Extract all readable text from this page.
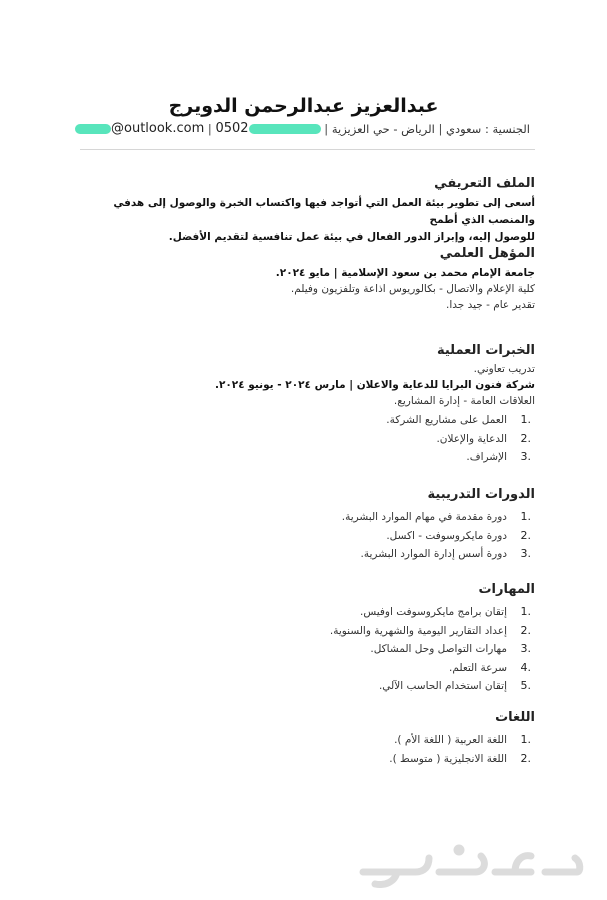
عبدالعزيز عبدالرحمن الدويرج
@outlook.com | 0502	| الرياض - حي العزيزية | الجنسية : سعودي
الملف التعريفي
أسعى إلى تطوير بيئة العمل التي أتواجد فيها واكتساب الخبرة والوصول إلى هدفي والمنصب الذي أطمح
للوصول إليه، وإبراز الدور الفعال في بيئة عمل تنافسية لتقديم الأفضل.
المؤهل العلمي
جامعة الإمام محمد بن سعود الإسلامية | مايو ٢٠٢٤.
كلية الإعلام والاتصال - بكالوريوس اذاعة وتلفزيون وفيلم.
تقدير عام - جيد جدا.
الخبرات العملية
تدريب تعاوني.
شركة فنون البرايا للدعاية والاعلان | مارس ٢٠٢٤ - يونيو ٢٠٢٤.
العلاقات العامة - إدارة المشاريع.
1.
العمل على مشاريع الشركة.
2.
الدعاية والإعلان.
3.
الإشراف.
الدورات التدريبية
1.
دورة مقدمة في مهام الموارد البشرية.
2.
دورة مايكروسوفت - اكسل.
3.
دورة أسس إدارة الموارد البشرية.
المهارات
1.
إتقان برامج مايكروسوفت اوفيس.
2.
إعداد التقارير اليومية والشهرية والسنوية.
3.
مهارات التواصل وحل المشاكل.
4.
سرعة التعلم.
5.
إتقان استخدام الحاسب الآلي.
اللغات
1.
اللغة العربية ( اللغة الأم ).
2.
اللغة الانجليزية ( متوسط ).
